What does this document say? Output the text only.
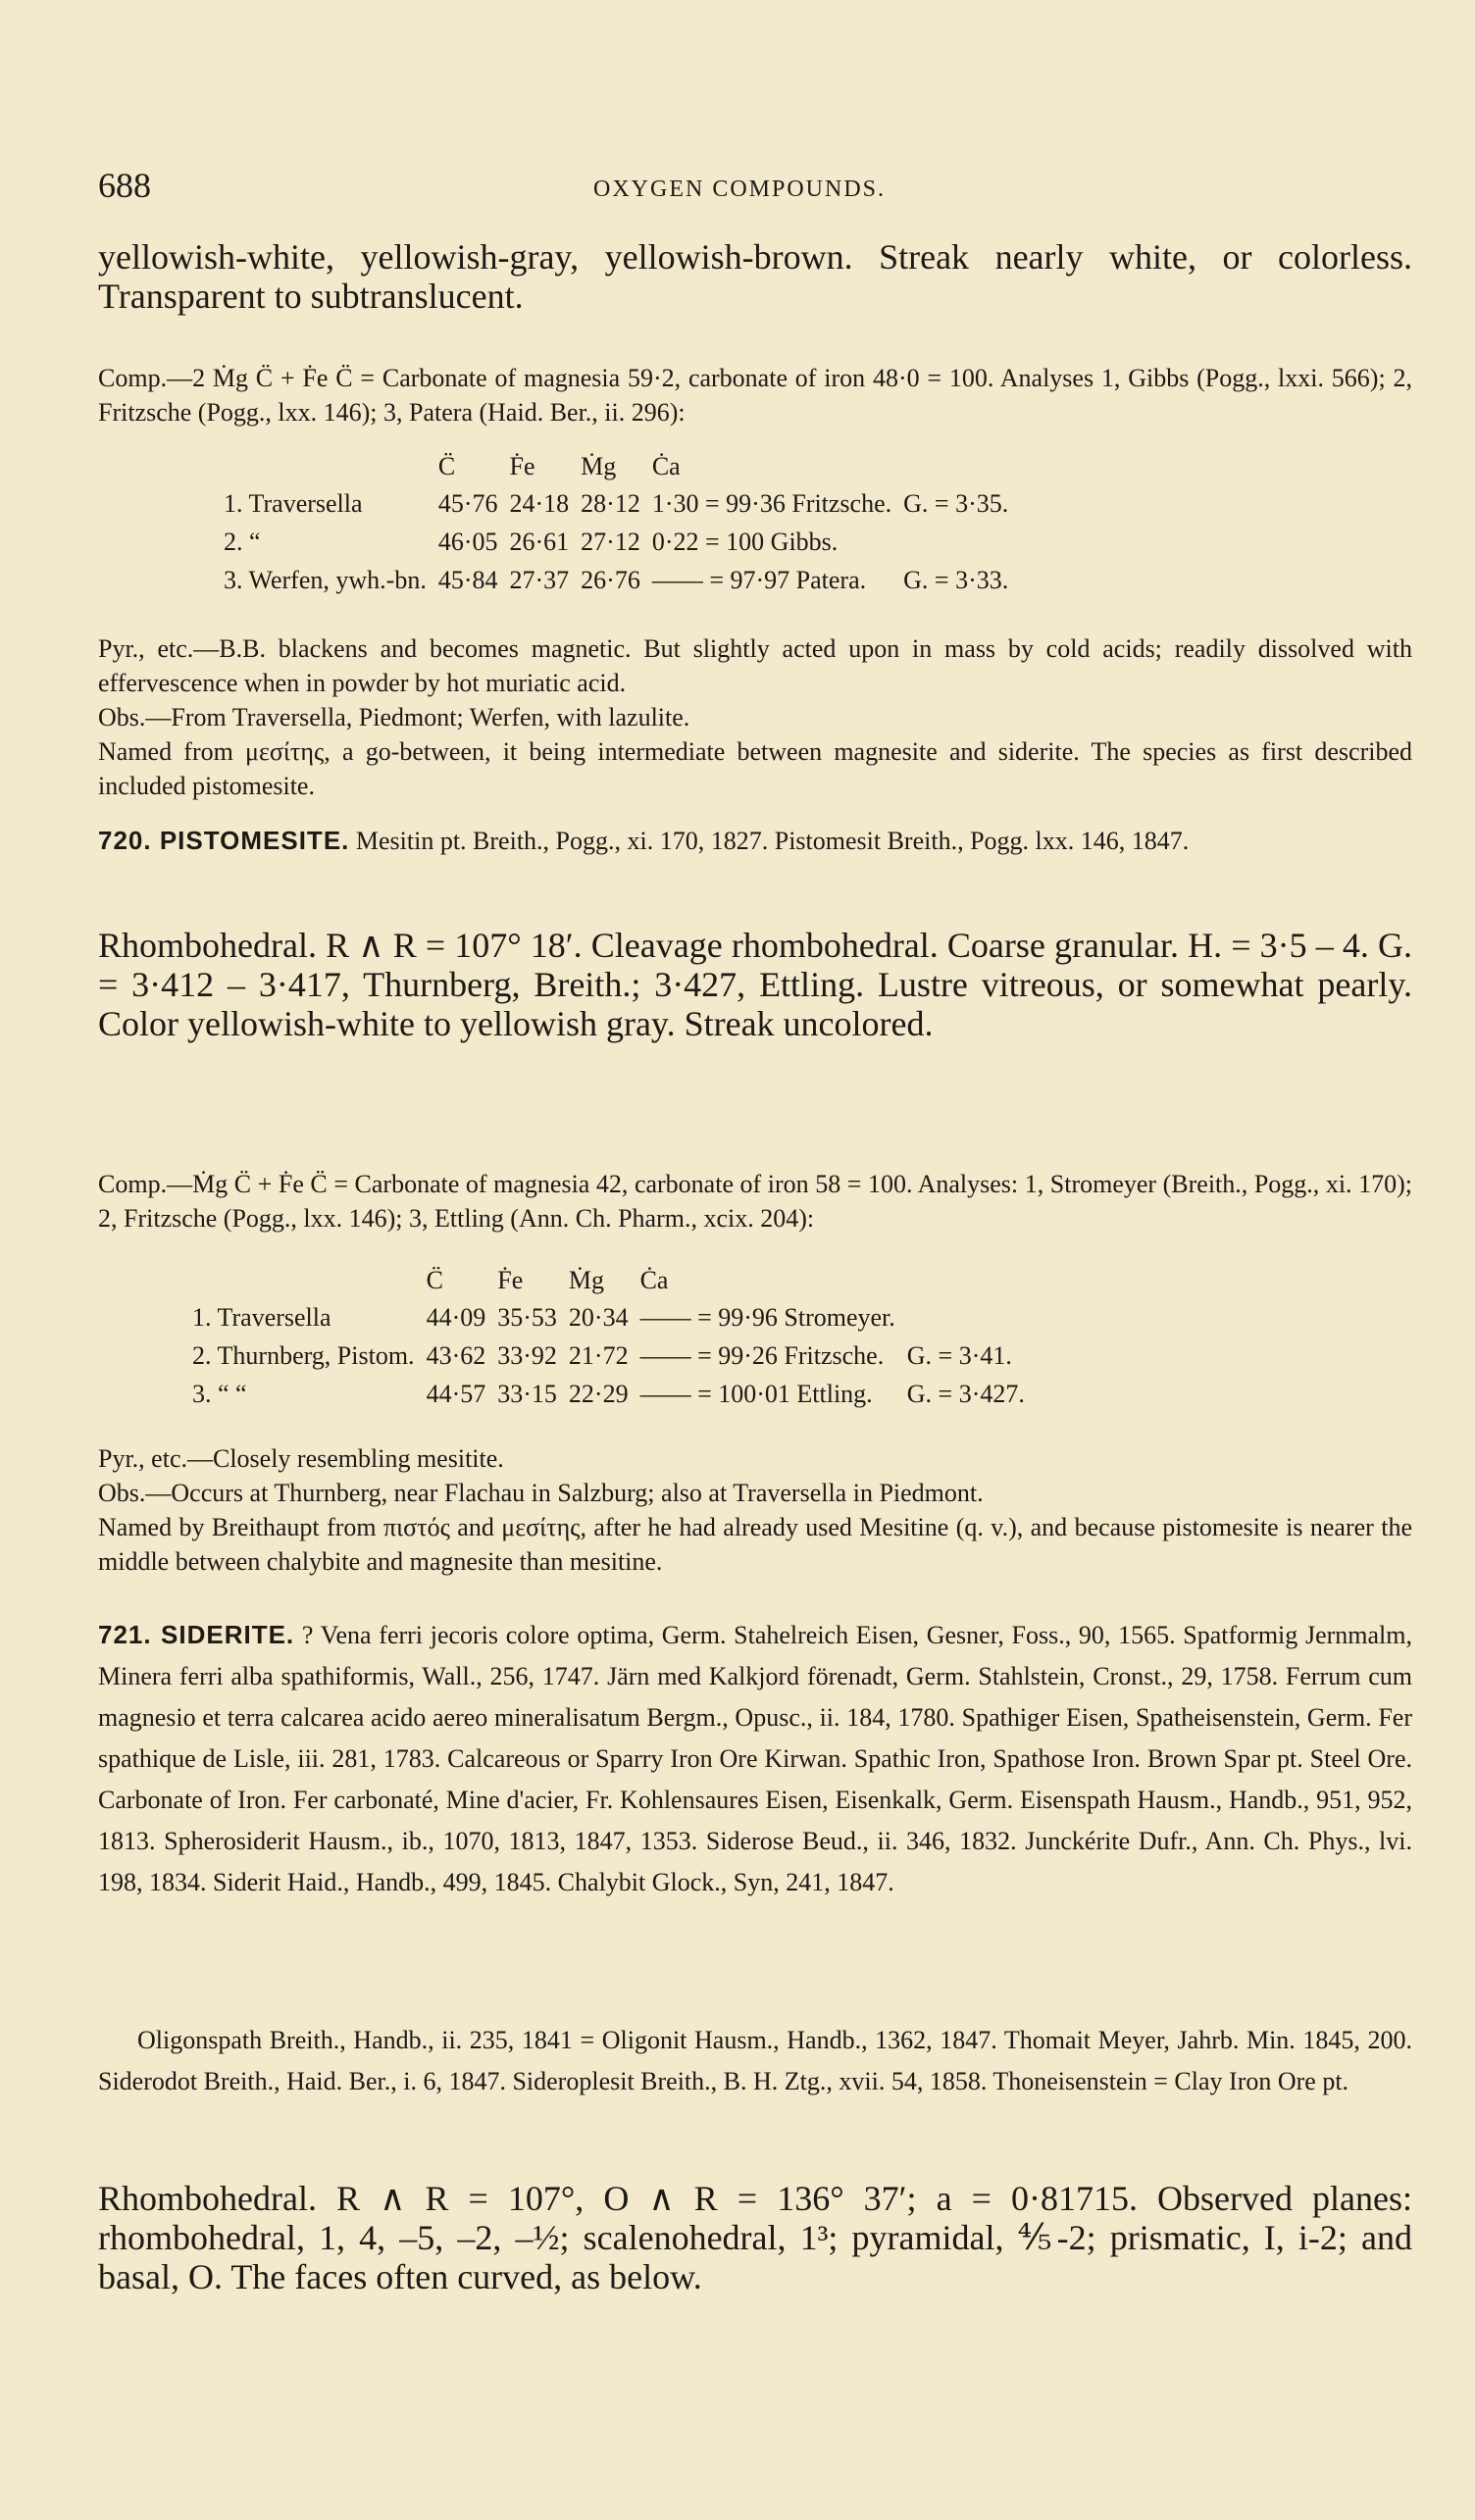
688	OXYGEN COMPOUNDS.

yellowish-white, yellowish-gray, yellowish-brown. Streak nearly white, or colorless. Transparent to subtranslucent.

Comp.—2 Ṁg C̈ + Ḟe C̈ = Carbonate of magnesia 59·2, carbonate of iron 48·0 = 100. Analyses 1, Gibbs (Pogg., lxxi. 566); 2, Fritzsche (Pogg., lxx. 146); 3, Patera (Haid. Ber., ii. 296):

	C̈	Ḟe	Ṁg	Ċa	
1. Traversella	45·76	24·18	28·12	1·30 = 99·36 Fritzsche.	G. = 3·35.
2. “	46·05	26·61	27·12	0·22 = 100 Gibbs.	
3. Werfen, ywh.-bn.	45·84	27·37	26·76	—— = 97·97 Patera.	G. = 3·33.

Pyr., etc.—B.B. blackens and becomes magnetic. But slightly acted upon in mass by cold acids; readily dissolved with effervescence when in powder by hot muriatic acid.

Obs.—From Traversella, Piedmont; Werfen, with lazulite.

Named from μεσίτης, a go-between, it being intermediate between magnesite and siderite. The species as first described included pistomesite.

720. PISTOMESITE. Mesitin pt. Breith., Pogg., xi. 170, 1827. Pistomesit Breith., Pogg. lxx. 146, 1847.

Rhombohedral. R ∧ R = 107° 18′. Cleavage rhombohedral. Coarse granular. H. = 3·5 – 4. G. = 3·412 – 3·417, Thurnberg, Breith.; 3·427, Ettling. Lustre vitreous, or somewhat pearly. Color yellowish-white to yellowish gray. Streak uncolored.

Comp.—Ṁg C̈ + Ḟe C̈ = Carbonate of magnesia 42, carbonate of iron 58 = 100. Analyses: 1, Stromeyer (Breith., Pogg., xi. 170); 2, Fritzsche (Pogg., lxx. 146); 3, Ettling (Ann. Ch. Pharm., xcix. 204):

	C̈	Ḟe	Ṁg	Ċa	
1. Traversella	44·09	35·53	20·34	—— = 99·96 Stromeyer.	
2. Thurnberg, Pistom.	43·62	33·92	21·72	—— = 99·26 Fritzsche.	G. = 3·41.
3. “ “	44·57	33·15	22·29	—— = 100·01 Ettling.	G. = 3·427.

Pyr., etc.—Closely resembling mesitite.

Obs.—Occurs at Thurnberg, near Flachau in Salzburg; also at Traversella in Piedmont.

Named by Breithaupt from πιστός and μεσίτης, after he had already used Mesitine (q. v.), and because pistomesite is nearer the middle between chalybite and magnesite than mesitine.

721. SIDERITE. ? Vena ferri jecoris colore optima, Germ. Stahelreich Eisen, Gesner, Foss., 90, 1565. Spatformig Jernmalm, Minera ferri alba spathiformis, Wall., 256, 1747. Järn med Kalkjord förenadt, Germ. Stahlstein, Cronst., 29, 1758. Ferrum cum magnesio et terra calcarea acido aereo mineralisatum Bergm., Opusc., ii. 184, 1780. Spathiger Eisen, Spatheisenstein, Germ. Fer spathique de Lisle, iii. 281, 1783. Calcareous or Sparry Iron Ore Kirwan. Spathic Iron, Spathose Iron. Brown Spar pt. Steel Ore. Carbonate of Iron. Fer carbonaté, Mine d'acier, Fr. Kohlensaures Eisen, Eisenkalk, Germ. Eisenspath Hausm., Handb., 951, 952, 1813. Spherosiderit Hausm., ib., 1070, 1813, 1847, 1353. Siderose Beud., ii. 346, 1832. Junckérite Dufr., Ann. Ch. Phys., lvi. 198, 1834. Siderit Haid., Handb., 499, 1845. Chalybit Glock., Syn, 241, 1847.

Oligonspath Breith., Handb., ii. 235, 1841 = Oligonit Hausm., Handb., 1362, 1847. Thomait Meyer, Jahrb. Min. 1845, 200. Siderodot Breith., Haid. Ber., i. 6, 1847. Sideroplesit Breith., B. H. Ztg., xvii. 54, 1858. Thoneisenstein = Clay Iron Ore pt.

Rhombohedral. R ∧ R = 107°, O ∧ R = 136° 37′; a = 0·81715. Observed planes: rhombohedral, 1, 4, –5, –2, –½; scalenohedral, 1³; pyramidal, ⅘-2; prismatic, I, i-2; and basal, O. The faces often curved, as below.
